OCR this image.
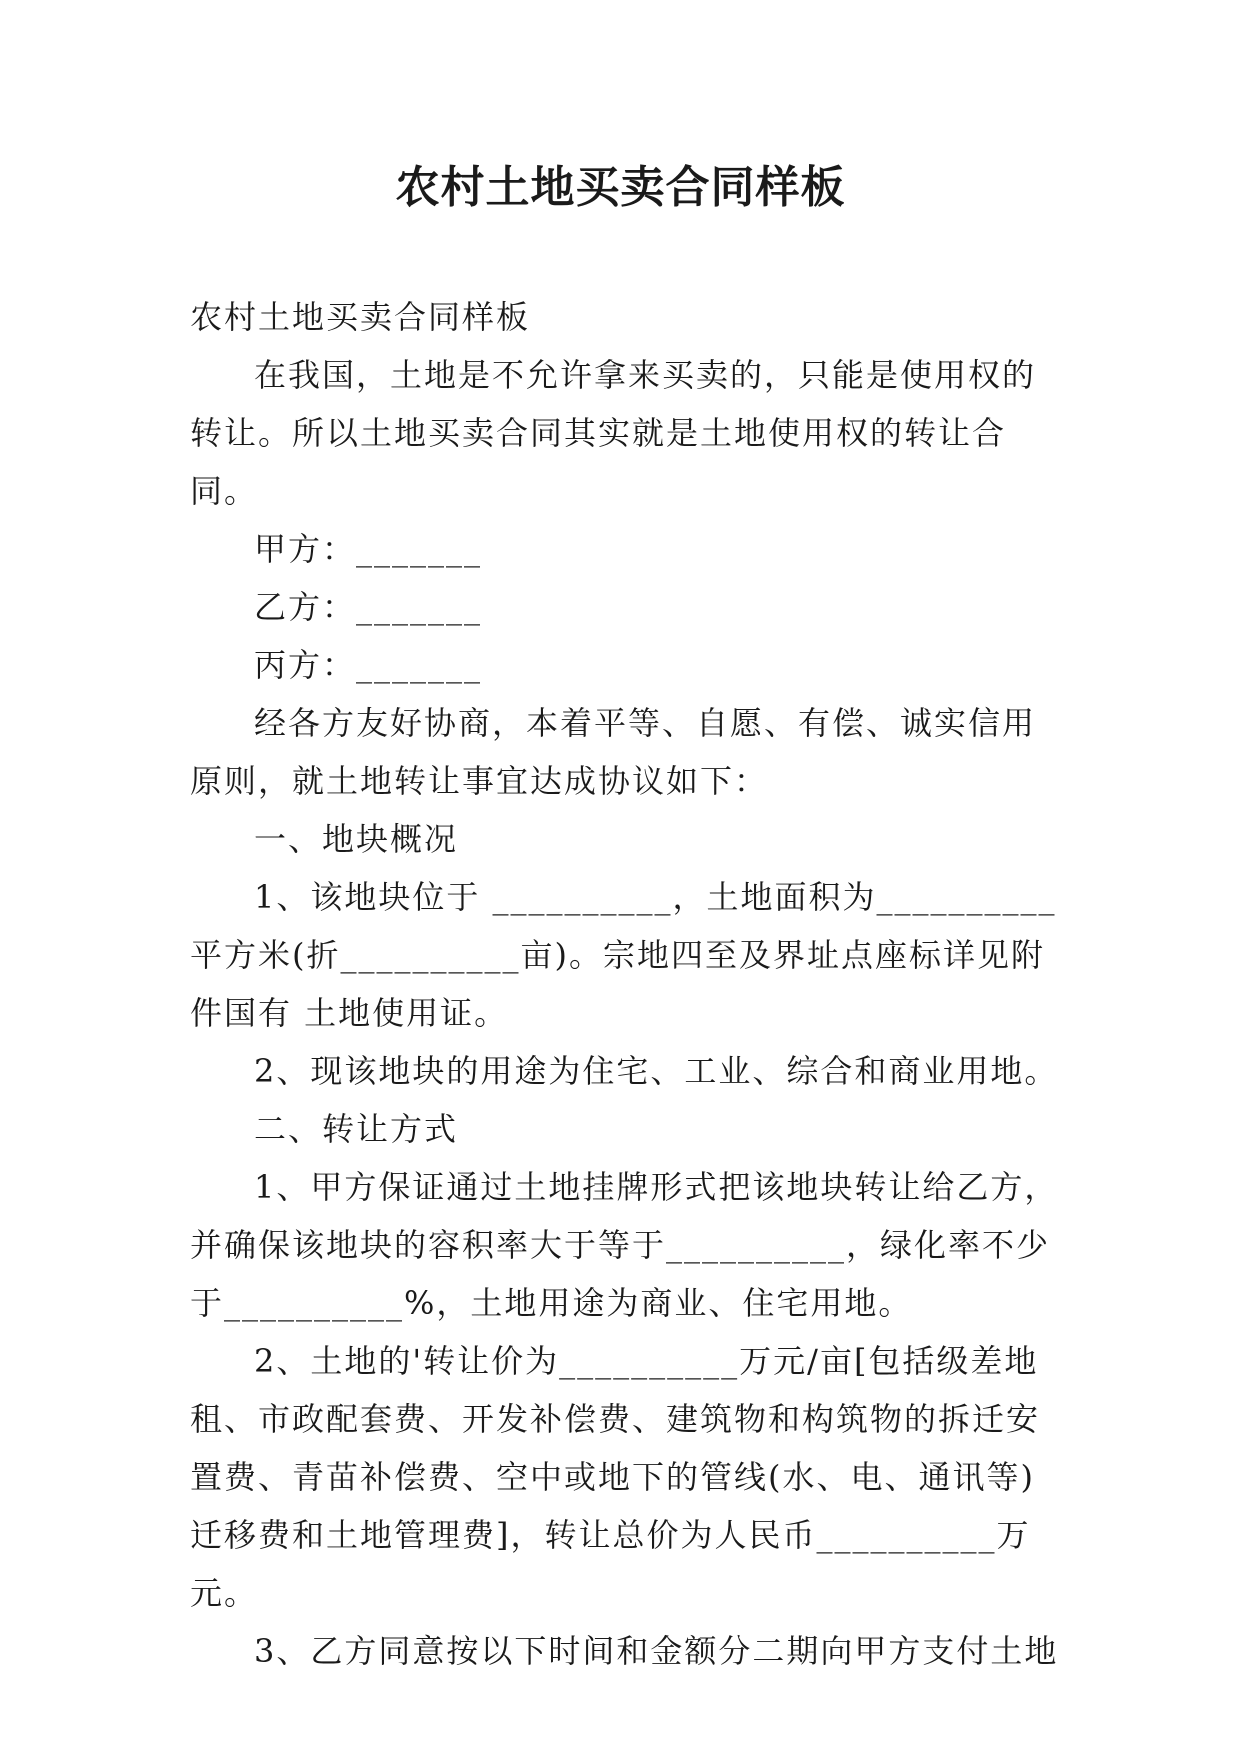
农村土地买卖合同样板

农村土地买卖合同样板

在我国，土地是不允许拿来买卖的，只能是使用权的转让。所以土地买卖合同其实就是土地使用权的转让合同。

甲方：_______

乙方：_______

丙方：_______

经各方友好协商，本着平等、自愿、有偿、诚实信用原则，就土地转让事宜达成协议如下：

一、地块概况

1、该地块位于 __________，土地面积为__________平方米(折__________亩)。宗地四至及界址点座标详见附件国有 土地使用证。

2、现该地块的用途为住宅、工业、综合和商业用地。

二、转让方式

1、甲方保证通过土地挂牌形式把该地块转让给乙方，并确保该地块的容积率大于等于__________，绿化率不少于__________%，土地用途为商业、住宅用地。

2、土地的'转让价为__________万元/亩[包括级差地租、市政配套费、开发补偿费、建筑物和构筑物的拆迁安置费、青苗补偿费、空中或地下的管线(水、电、通讯等)迁移费和土地管理费]，转让总价为人民币__________万元。

3、乙方同意按以下时间和金额分二期向甲方支付土地
